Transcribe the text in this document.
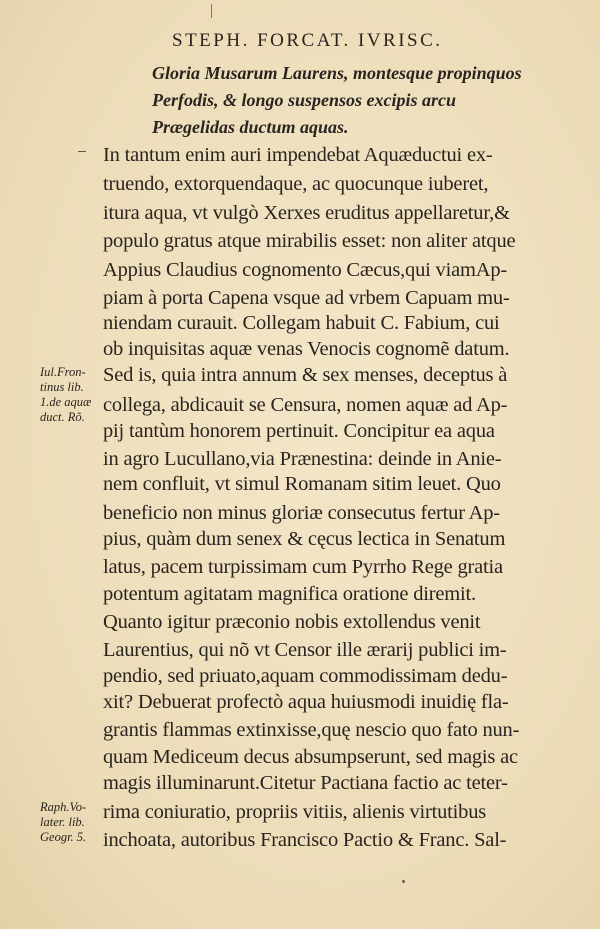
STEPH. FORCAT. IVRISC.
Gloria Musarum Laurens, montesque propinquos
Perfodis, & longo suspensos excipis arcu
Prægelidas ductum aquas.
In tantum enim auri impendebat Aquæductui ex-
truendo, extorquendaque, ac quocunque iuberet,
itura aqua, vt vulgò Xerxes eruditus appellaretur,&
populo gratus atque mirabilis esset: non aliter atque
Appius Claudius cognomento Cæcus,qui viamAp-
piam à porta Capena vsque ad vrbem Capuam mu-
niendam curauit. Collegam habuit C. Fabium, cui
ob inquisitas aquæ venas Venocis cognomẽ datum.
Sed is, quia intra annum & sex menses, deceptus à
collega, abdicauit se Censura, nomen aquæ ad Ap-
pij tantùm honorem pertinuit. Concipitur ea aqua
in agro Lucullano,via Prænestina: deinde in Anie-
nem confluit, vt simul Romanam sitim leuet. Quo
beneficio non minus gloriæ consecutus fertur Ap-
pius, quàm dum senex & cęcus lectica in Senatum
latus, pacem turpissimam cum Pyrrho Rege gratia
potentum agitatam magnifica oratione diremit.
Quanto igitur præconio nobis extollendus venit
Laurentius, qui nõ vt Censor ille ærarij publici im-
pendio, sed priuato,aquam commodissimam dedu-
xit? Debuerat profectò aqua huiusmodi inuidię fla-
grantis flammas extinxisse,quę nescio quo fato nun-
quam Mediceum decus absumpserunt, sed magis ac
magis illuminarunt.Citetur Pactiana factio ac teter-
rima coniuratio, propriis vitiis, alienis virtutibus
inchoata, autoribus Francisco Pactio & Franc. Sal-
Iul.Fron-
tinus lib.
1.de aquæ
duct. Rõ.
Raph.Vo-
later. lib.
Geogr. 5.
